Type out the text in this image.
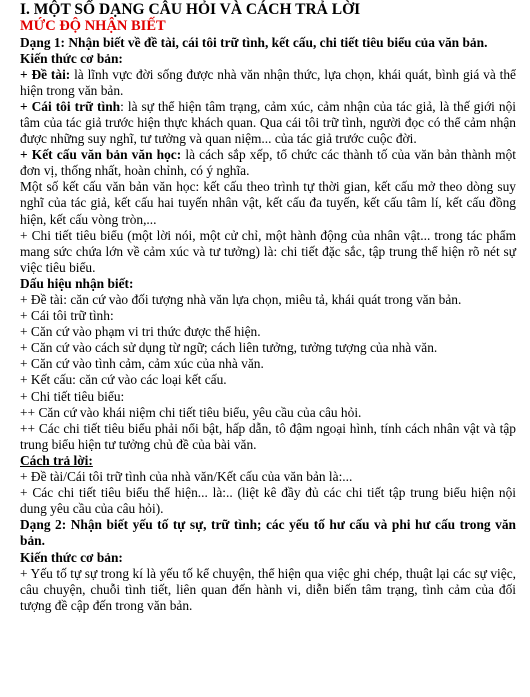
I. MỘT SỐ DẠNG CÂU HỎI VÀ CÁCH TRẢ LỜI
MỨC ĐỘ NHẬN BIẾT
Dạng 1: Nhận biết về đề tài, cái tôi trữ tình, kết cấu, chi tiết tiêu biểu của văn bản.
Kiến thức cơ bản:
+ Đề tài: là lĩnh vực đời sống được nhà văn nhận thức, lựa chọn, khái quát, bình giá và thể hiện trong văn bản.
+ Cái tôi trữ tình: là sự thể hiện tâm trạng, cảm xúc, cảm nhận của tác giả, là thế giới nội tâm của tác giả trước hiện thực khách quan. Qua cái tôi trữ tình, người đọc có thể cảm nhận được những suy nghĩ, tư tưởng và quan niệm... của tác giả trước cuộc đời.
+ Kết cấu văn bản văn học: là cách sắp xếp, tổ chức các thành tố của văn bản thành một đơn vị, thống nhất, hoàn chỉnh, có ý nghĩa.
Một số kết cấu văn bản văn học: kết cấu theo trình tự thời gian, kết cấu mở theo dòng suy nghĩ của tác giả, kết cấu hai tuyến nhân vật, kết cấu đa tuyến, kết cấu tâm lí, kết cấu đồng hiện, kết cấu vòng tròn,...
+ Chi tiết tiêu biểu (một lời nói, một cử chỉ, một hành động của nhân vật... trong tác phẩm mang sức chứa lớn về cảm xúc và tư tưởng) là: chi tiết đặc sắc, tập trung thể hiện rõ nét sự việc tiêu biểu.
Dấu hiệu nhận biết:
+ Đề tài: căn cứ vào đối tượng nhà văn lựa chọn, miêu tả, khái quát trong văn bản.
+ Cái tôi trữ tình:
+ Căn cứ vào phạm vi tri thức được thể hiện.
+ Căn cứ vào cách sử dụng từ ngữ; cách liên tưởng, tưởng tượng của nhà văn.
+ Căn cứ vào tình cảm, cảm xúc của nhà văn.
+ Kết cấu: căn cứ vào các loại kết cấu.
+ Chi tiết tiêu biểu:
++ Căn cứ vào khái niệm chi tiết tiêu biểu, yêu cầu của câu hỏi.
++ Các chi tiết tiêu biểu phải nổi bật, hấp dẫn, tô đậm ngoại hình, tính cách nhân vật và tập trung biểu hiện tư tưởng chủ đề của bài văn.
Cách trả lời:
+ Đề tài/Cái tôi trữ tình của nhà văn/Kết cấu của văn bản là:...
+ Các chi tiết tiêu biểu thể hiện... là:.. (liệt kê đầy đủ các chi tiết tập trung biểu hiện nội dung yêu cầu của câu hỏi).
Dạng 2: Nhận biết yếu tố tự sự, trữ tình; các yếu tố hư cấu và phi hư cấu trong văn bản.
Kiến thức cơ bản:
+ Yếu tố tự sự trong kí là yếu tố kể chuyện, thể hiện qua việc ghi chép, thuật lại các sự việc, câu chuyện, chuỗi tình tiết, liên quan đến hành vi, diễn biến tâm trạng, tình cảm của đối tượng đề cập đến trong văn bản.
